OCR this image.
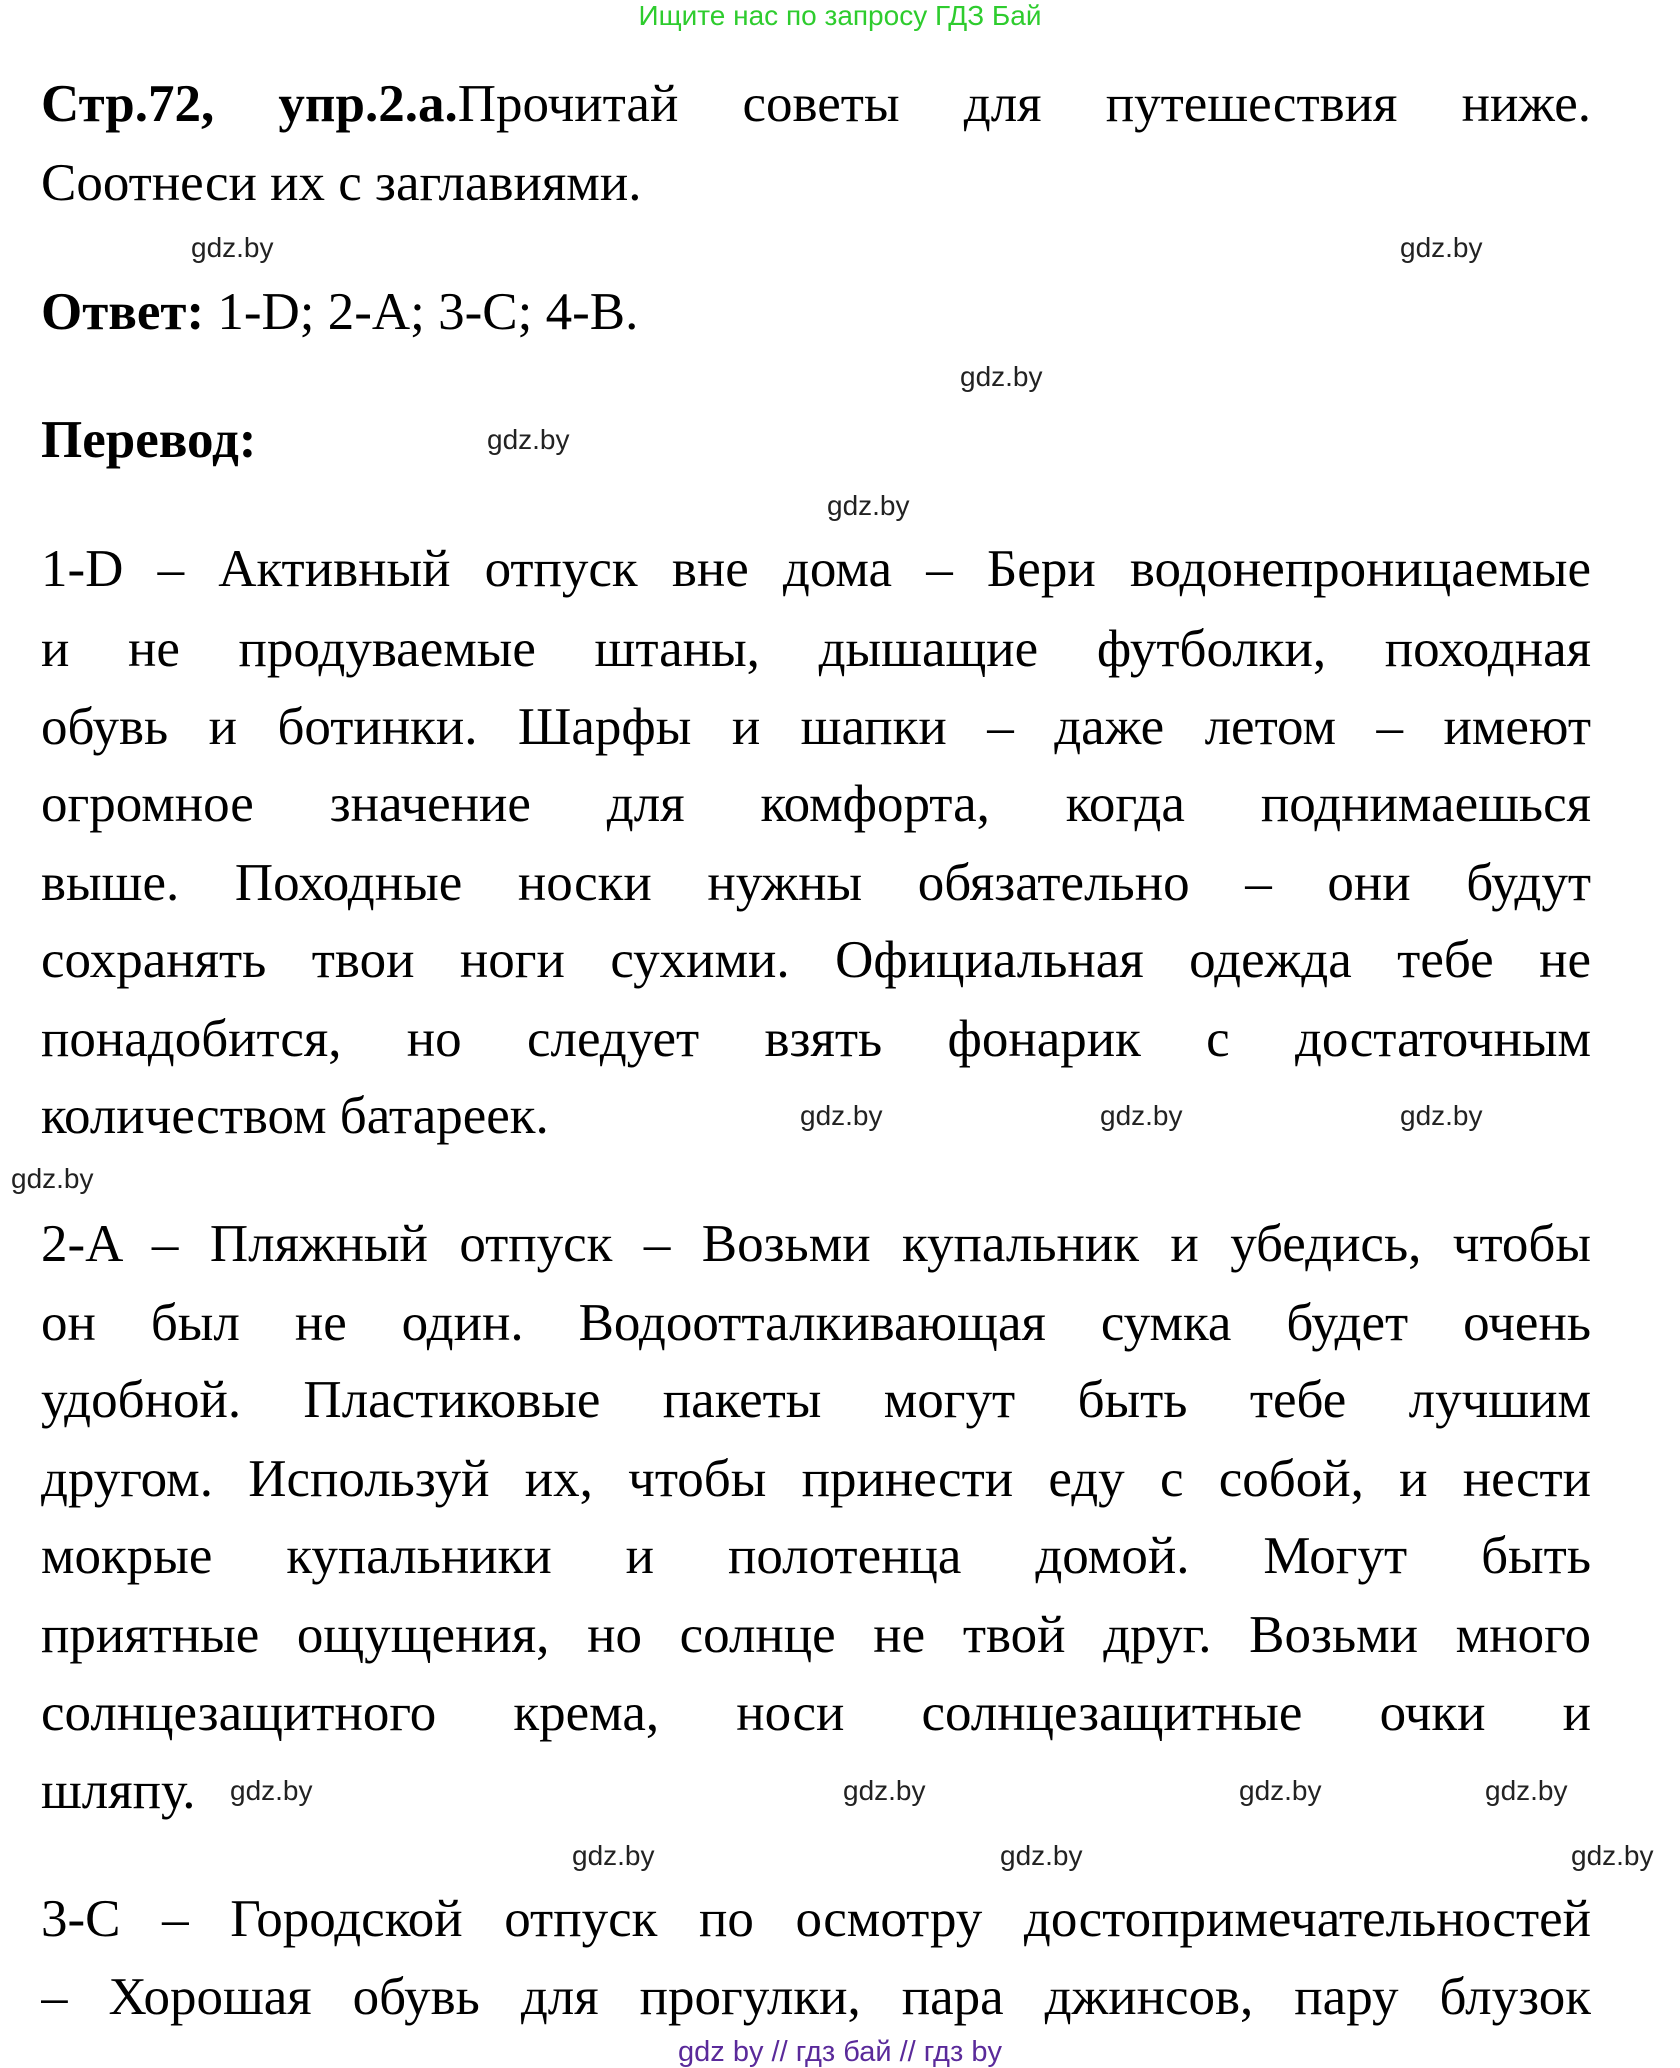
Ищите нас по запросу ГДЗ Бай
Стр.72, упр.2.а.Прочитай советы для путешествия ниже.
Соотнеси их с заглавиями.
Ответ: 1-D; 2-A; 3-C; 4-B.
Перевод:
1-D – Активный отпуск вне дома – Бери водонепроницаемые
и не продуваемые штаны, дышащие футболки, походная
обувь и ботинки. Шарфы и шапки – даже летом – имеют
огромное значение для комфорта, когда поднимаешься
выше. Походные носки нужны обязательно – они будут
сохранять твои ноги сухими. Официальная одежда тебе не
понадобится, но следует взять фонарик с достаточным
количеством батареек.
2-A – Пляжный отпуск – Возьми купальник и убедись, чтобы
он был не один. Водоотталкивающая сумка будет очень
удобной. Пластиковые пакеты могут быть тебе лучшим
другом. Используй их, чтобы принести еду с собой, и нести
мокрые купальники и полотенца домой. Могут быть
приятные ощущения, но солнце не твой друг. Возьми много
солнцезащитного крема, носи солнцезащитные очки и
шляпу.
3-C – Городской отпуск по осмотру достопримечательностей
– Хорошая обувь для прогулки, пара джинсов, пару блузок
gdz.by	gdz.by
gdz.by
gdz.by
gdz.by
gdz.by	gdz.by	gdz.by
gdz.by
gdz.by
gdz.by	gdz.by
gdz.by
gdz.by	gdz.by	gdz.by
gdz by // гдз бай // гдз by
